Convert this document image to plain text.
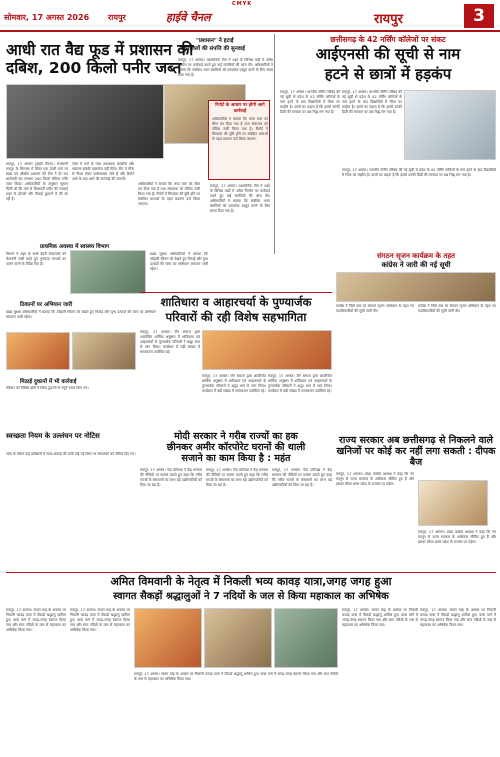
CMYK
सोमवार, 17 अगस्त 2026 रायपुर	हाईवे चैनल	रायपुर	3
आधी रात वैद्य फूड में प्रशासन की
दबिश, 200 किलो पनीर जब्त
रिपोर्ट के आधार पर होगी आगे कार्रवाई
अधिकारियों ने बताया कि जब्त माल को सील कर दिया गया है तथा संचालक को नोटिस जारी किया गया है। रिपोर्ट में मिलावट की पुष्टि होने पर संबंधित धाराओं के तहत प्रकरण दर्ज किया जाएगा।
रायपुर, 17 अगस्त (हाईवे चैनल)। राजधानी रायपुर के बिरगांव में स्थित एक डेयरी फर्म पर खाद्य एवं औषधि प्रशासन की टीम ने देर रात छापेमारी कर लगभग 200 किलो संदिग्ध पनीर जब्त किया। अधिकारियों के अनुसार सूचना मिली थी कि फर्म से मिलावटी पनीर की सप्लाई शहर के होटलों और मिठाई दुकानों में की जा रही है।
जांच में फर्म के पास आवश्यक लाइसेंस और भंडारण संबंधी दस्तावेज नहीं मिले। टीम ने मौके से सैंपल लेकर प्रयोगशाला भेजे हैं और रिपोर्ट आने के बाद आगे की कार्रवाई की जाएगी।
अधिकारियों ने बताया कि जब्त माल को सील कर दिया गया है तथा संचालक को नोटिस जारी किया गया है। रिपोर्ट में मिलावट की पुष्टि होने पर संबंधित धाराओं के तहत प्रकरण दर्ज किया जाएगा।
प्राथमिक अवस्था में स्वास्थ्य विभाग
विभाग ने शहर के सभी डेयरी संचालकों को चेतावनी जारी करते हुए गुणवत्ता मानकों का पालन करने के निर्देश दिए हैं।
खाद्य सुरक्षा अधिकारियों ने बताया कि त्योहारी सीजन को देखते हुए मिठाई और दुग्ध उत्पादों की जांच का अभियान लगातार जारी रहेगा।
ठिकानों पर अभियान जारी
खाद्य सुरक्षा अधिकारियों ने बताया कि त्योहारी सीजन को देखते हुए मिठाई और दुग्ध उत्पादों की जांच का अभियान लगातार जारी रहेगा।
मिठाई दुकानों में भी कार्रवाई
रविवार को विभिन्न क्षेत्रों में स्थित दुकानों से नमूने एकत्र किए गए।
स्वच्छता नियम के उल्लंघन पर नोटिस
जांच के दौरान कई प्रतिष्ठानों में साफ-सफाई की कमी पाई गई जिस पर संचालकों को नोटिस दिए गए।
"प्रशासन" ने हटाई
बहुमंजिलों की संपत्ति की सुनवाई
रायपुर, 17 अगस्त। प्रशासनिक टीम ने शहर के विभिन्न वार्डों में अवैध निर्माण पर कार्रवाई करते हुए कई संपत्तियों की जांच की। अधिकारियों ने बताया कि संबंधित भवन स्वामियों को दस्तावेज प्रस्तुत करने के लिए समय दिया गया है।
रायपुर, 17 अगस्त। प्रशासनिक टीम ने शहर के विभिन्न वार्डों में अवैध निर्माण पर कार्रवाई करते हुए कई संपत्तियों की जांच की। अधिकारियों ने बताया कि संबंधित भवन स्वामियों को दस्तावेज प्रस्तुत करने के लिए समय दिया गया है।
छत्तीसगढ़ के 42 नर्सिंग कॉलेजों पर संकट
आईएनसी की सूची से नाम
हटने से छात्रों में हड़कंप
रायपुर, 17 अगस्त। भारतीय नर्सिंग परिषद की नई सूची से प्रदेश के 42 नर्सिंग कॉलेजों के नाम हटने के बाद विद्यार्थियों में चिंता का माहौल है। छात्रों का कहना है कि इससे उनकी डिग्री की मान्यता पर प्रश्न चिह्न लग गया है।
रायपुर, 17 अगस्त। भारतीय नर्सिंग परिषद की नई सूची से प्रदेश के 42 नर्सिंग कॉलेजों के नाम हटने के बाद विद्यार्थियों में चिंता का माहौल है। छात्रों का कहना है कि इससे उनकी डिग्री की मान्यता पर प्रश्न चिह्न लग गया है।
रायपुर, 17 अगस्त। भारतीय नर्सिंग परिषद की नई सूची से प्रदेश के 42 नर्सिंग कॉलेजों के नाम हटने के बाद विद्यार्थियों में चिंता का माहौल है। छात्रों का कहना है कि इससे उनकी डिग्री की मान्यता पर प्रश्न चिह्न लग गया है।
संगठन सृजन कार्यक्रम के तहत
कांग्रेस ने जारी की नई सूची
कांग्रेस ने जिले स्तर पर संगठन सृजन अभियान के तहत नए पदाधिकारियों की सूची जारी की।
कांग्रेस ने जिले स्तर पर संगठन सृजन अभियान के तहत नए पदाधिकारियों की सूची जारी की।
शातिधारा व आहारचर्या के पुण्यार्जक
परिवारों की रही विशेष सहभागिता
रायपुर, 17 अगस्त। जैन समाज द्वारा आयोजित धार्मिक अनुष्ठान में शांतिधारा एवं आहारचर्या के पुण्यार्जक परिवारों ने श्रद्धा भाव से भाग लिया। कार्यक्रम में बड़ी संख्या में समाजजन उपस्थित रहे।
रायपुर, 17 अगस्त। जैन समाज द्वारा आयोजित धार्मिक अनुष्ठान में शांतिधारा एवं आहारचर्या के पुण्यार्जक परिवारों ने श्रद्धा भाव से भाग लिया। कार्यक्रम में बड़ी संख्या में समाजजन उपस्थित रहे।
रायपुर, 17 अगस्त। जैन समाज द्वारा आयोजित धार्मिक अनुष्ठान में शांतिधारा एवं आहारचर्या के पुण्यार्जक परिवारों ने श्रद्धा भाव से भाग लिया। कार्यक्रम में बड़ी संख्या में समाजजन उपस्थित रहे।
मोदी सरकार ने गरीब राज्यों का हक
छीनकर अमीर कॉरपोरेट घरानों की थाली
सजाने का काम किया है : महंत
रायपुर, 17 अगस्त। नेता प्रतिपक्ष ने केंद्र सरकार की नीतियों पर सवाल उठाते हुए कहा कि गरीब राज्यों के संसाधनों का लाभ बड़े उद्योगपतियों को दिया जा रहा है।
रायपुर, 17 अगस्त। नेता प्रतिपक्ष ने केंद्र सरकार की नीतियों पर सवाल उठाते हुए कहा कि गरीब राज्यों के संसाधनों का लाभ बड़े उद्योगपतियों को दिया जा रहा है।
रायपुर, 17 अगस्त। नेता प्रतिपक्ष ने केंद्र सरकार की नीतियों पर सवाल उठाते हुए कहा कि गरीब राज्यों के संसाधनों का लाभ बड़े उद्योगपतियों को दिया जा रहा है।
राज्य सरकार अब छत्तीसगढ़ से निकलने वाले
खनिजों पर कोई कर नहीं लगा सकती : दीपक बैज
रायपुर, 17 अगस्त। प्रदेश कांग्रेस अध्यक्ष ने कहा कि नए कानून से राज्य सरकार के अधिकार सीमित हुए हैं और इसका सीधा असर प्रदेश के राजस्व पर पड़ेगा।
रायपुर, 17 अगस्त। प्रदेश कांग्रेस अध्यक्ष ने कहा कि नए कानून से राज्य सरकार के अधिकार सीमित हुए हैं और इसका सीधा असर प्रदेश के राजस्व पर पड़ेगा।
अमित विमवानी के नेतृत्व में निकली भव्य कावड़ यात्रा,जगह जगह हुआ
स्वागत सैकड़ों श्रद्धालुओं ने 7 नदियों के जल से किया महाकाल का अभिषेक
रायपुर, 17 अगस्त। सावन माह के अवसर पर निकली कावड़ यात्रा में सैकड़ों श्रद्धालु शामिल हुए। यात्रा मार्ग में जगह-जगह स्वागत किया गया और सात नदियों के जल से महाकाल का अभिषेक किया गया।
रायपुर, 17 अगस्त। सावन माह के अवसर पर निकली कावड़ यात्रा में सैकड़ों श्रद्धालु शामिल हुए। यात्रा मार्ग में जगह-जगह स्वागत किया गया और सात नदियों के जल से महाकाल का अभिषेक किया गया।
रायपुर, 17 अगस्त। सावन माह के अवसर पर निकली कावड़ यात्रा में सैकड़ों श्रद्धालु शामिल हुए। यात्रा मार्ग में जगह-जगह स्वागत किया गया और सात नदियों के जल से महाकाल का अभिषेक किया गया।
रायपुर, 17 अगस्त। सावन माह के अवसर पर निकली कावड़ यात्रा में सैकड़ों श्रद्धालु शामिल हुए। यात्रा मार्ग में जगह-जगह स्वागत किया गया और सात नदियों के जल से महाकाल का अभिषेक किया गया।
रायपुर, 17 अगस्त। सावन माह के अवसर पर निकली कावड़ यात्रा में सैकड़ों श्रद्धालु शामिल हुए। यात्रा मार्ग में जगह-जगह स्वागत किया गया और सात नदियों के जल से महाकाल का अभिषेक किया गया।
